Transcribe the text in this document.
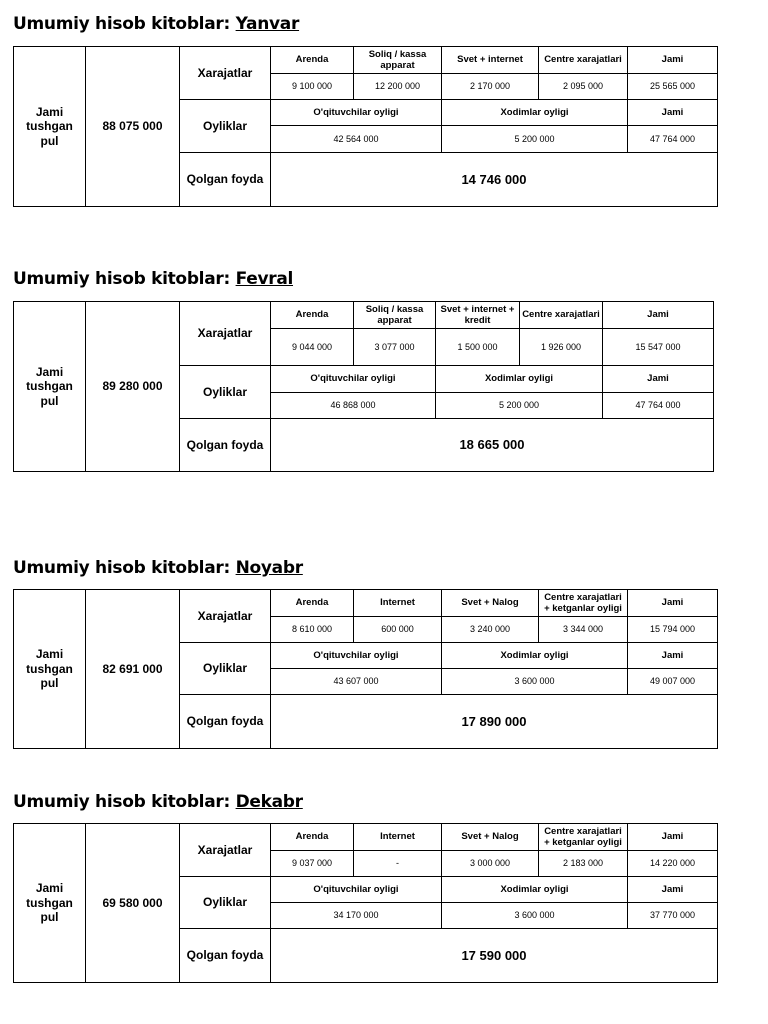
Umumiy hisob kitoblar: Yanvar
Jami tushgan pul	88 075 000	Xarajatlar	Arenda	Soliq / kassa apparat	Svet + internet	Centre xarajatlari	Jami
			9 100 000	12 200 000	2 170 000	2 095 000	25 565 000
		Oyliklar	O'qituvchilar oyligi		Xodimlar oyligi		Jami
			42 564 000		5 200 000		47 764 000
		Qolgan foyda	14 746 000				
Umumiy hisob kitoblar: Fevral
Jami tushgan pul	89 280 000	Xarajatlar	Arenda	Soliq / kassa apparat	Svet + internet + kredit	Centre xarajatlari	Jami
			9 044 000	3 077 000	1 500 000	1 926 000	15 547 000
		Oyliklar	O'qituvchilar oyligi		Xodimlar oyligi		Jami
			46 868 000		5 200 000		47 764 000
		Qolgan foyda	18 665 000				
Umumiy hisob kitoblar: Noyabr
Jami tushgan pul	82 691 000	Xarajatlar	Arenda	Internet	Svet + Nalog	Centre xarajatlari + ketganlar oyligi	Jami
			8 610 000	600 000	3 240 000	3 344 000	15 794 000
		Oyliklar	O'qituvchilar oyligi		Xodimlar oyligi		Jami
			43 607 000		3 600 000		49 007 000
		Qolgan foyda	17 890 000				
Umumiy hisob kitoblar: Dekabr
Jami tushgan pul	69 580 000	Xarajatlar	Arenda	Internet	Svet + Nalog	Centre xarajatlari + ketganlar oyligi	Jami
			9 037 000	-	3 000 000	2 183 000	14 220 000
		Oyliklar	O'qituvchilar oyligi		Xodimlar oyligi		Jami
			34 170 000		3 600 000		37 770 000
		Qolgan foyda	17 590 000				
